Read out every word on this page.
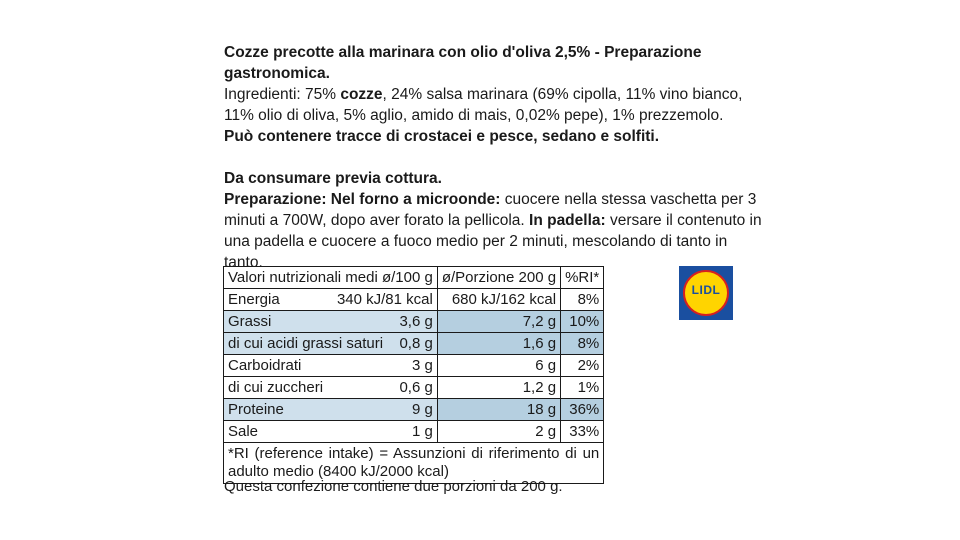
Cozze precotte alla marinara con olio d'oliva 2,5% - Preparazione gastronomica.

Ingredienti: 75% cozze, 24% salsa marinara (69% cipolla, 11% vino bianco, 11% olio di oliva, 5% aglio, amido di mais, 0,02% pepe), 1% prezzemolo.

Può contenere tracce di crostacei e pesce, sedano e solfiti.

Da consumare previa cottura.

Preparazione: Nel forno a microonde: cuocere nella stessa vaschetta per 3 minuti a 700W, dopo aver forato la pellicola. In padella: versare il contenuto in una padella e cuocere a fuoco medio per 2 minuti, mescolando di tanto in tanto.

Valori nutrizionali medi ø/100 g	ø/Porzione 200 g	%RI*

Energia 340 kJ/81 kcal	680 kJ/162 kcal	8%

Grassi 3,6 g	7,2 g	10%

di cui acidi grassi saturi 0,8 g	1,6 g	8%

Carboidrati 3 g	6 g	2%

di cui zuccheri 0,6 g	1,2 g	1%

Proteine 9 g	18 g	36%

Sale 1 g	2 g	33%
*RI (reference intake) = Assunzioni di riferimento di un adulto medio (8400 kJ/2000 kcal)		
Questa confezione contiene due porzioni da 200 g.
LIDL
